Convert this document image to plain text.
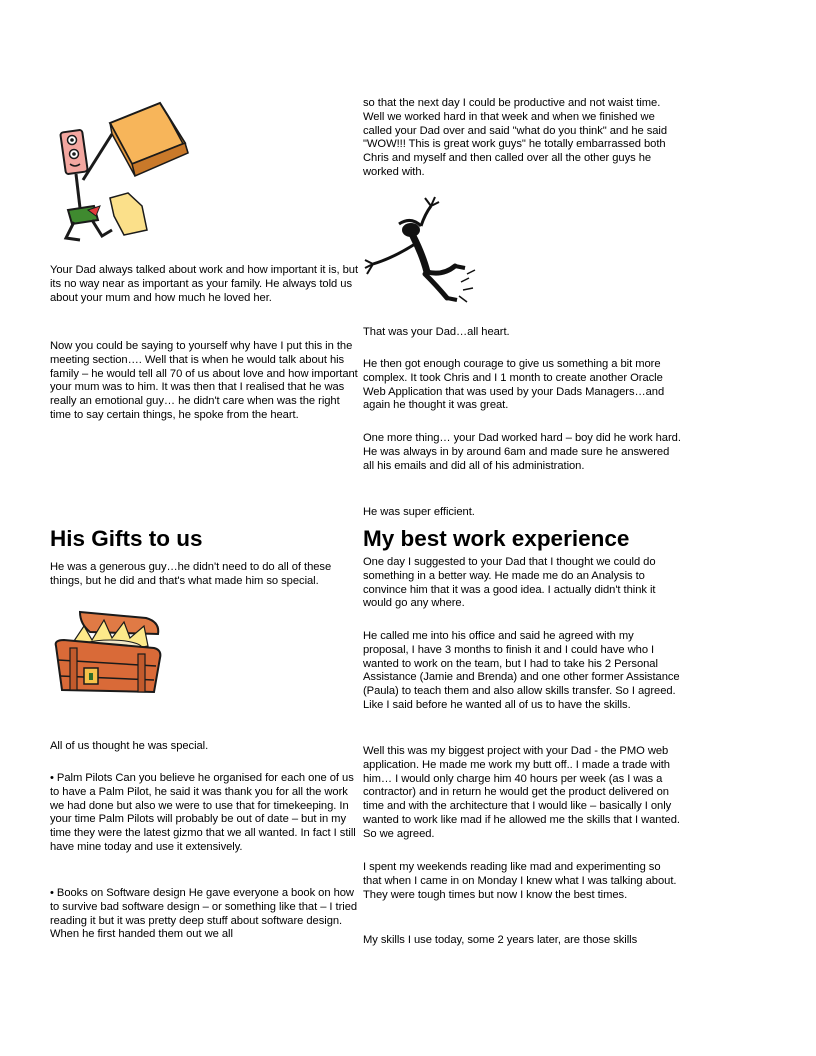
Your Dad always talked about work and how important it is, but its no way near as important as your family. He always told us about your mum and how much he loved her.

Now you could be saying to yourself why have I put this in the meeting section…. Well that is when he would talk about his family – he would tell all 70 of us about love and how important your mum was to him. It was then that I realised that he was really an emotional guy… he didn't care when was the right time to say certain things, he spoke from the heart.

His Gifts to us

He was a generous guy…he didn't need to do all of these things, but he did and that's what made him so special.

All of us thought he was special.

• Palm Pilots Can you believe he organised for each one of us to have a Palm Pilot, he said it was thank you for all the work we had done but also we were to use that for timekeeping. In your time Palm Pilots will probably be out of date – but in my time they were the latest gizmo that we all wanted. In fact I still have mine today and use it extensively.

• Books on Software design He gave everyone a book on how to survive bad software design – or something like that – I tried reading it but it was pretty deep stuff about software design. When he first handed them out we all

so that the next day I could be productive and not waist time. Well we worked hard in that week and when we finished we called your Dad over and said "what do you think" and he said "WOW!!! This is great work guys" he totally embarrassed both Chris and myself and then called over all the other guys he worked with.

That was your Dad…all heart.

He then got enough courage to give us something a bit more complex. It took Chris and I 1 month to create another Oracle Web Application that was used by your Dads Managers…and again he thought it was great.

One more thing… your Dad worked hard – boy did he work hard. He was always in by around 6am and made sure he answered all his emails and did all of his administration.

He was super efficient.

My best work experience

One day I suggested to your Dad that I thought we could do something in a better way. He made me do an Analysis to convince him that it was a good idea. I actually didn't think it would go any where.

He called me into his office and said he agreed with my proposal, I have 3 months to finish it and I could have who I wanted to work on the team, but I had to take his 2 Personal Assistance (Jamie and Brenda) and one other former Assistance (Paula) to teach them and also allow skills transfer. So I agreed. Like I said before he wanted all of us to have the skills.

Well this was my biggest project with your Dad - the PMO web application. He made me work my butt off.. I made a trade with him… I would only charge him 40 hours per week (as I was a contractor) and in return he would get the product delivered on time and with the architecture that I would like – basically I only wanted to work like mad if he allowed me the skills that I wanted. So we agreed.

I spent my weekends reading like mad and experimenting so that when I came in on Monday I knew what I was talking about. They were tough times but now I know the best times.

My skills I use today, some 2 years later, are those skills
